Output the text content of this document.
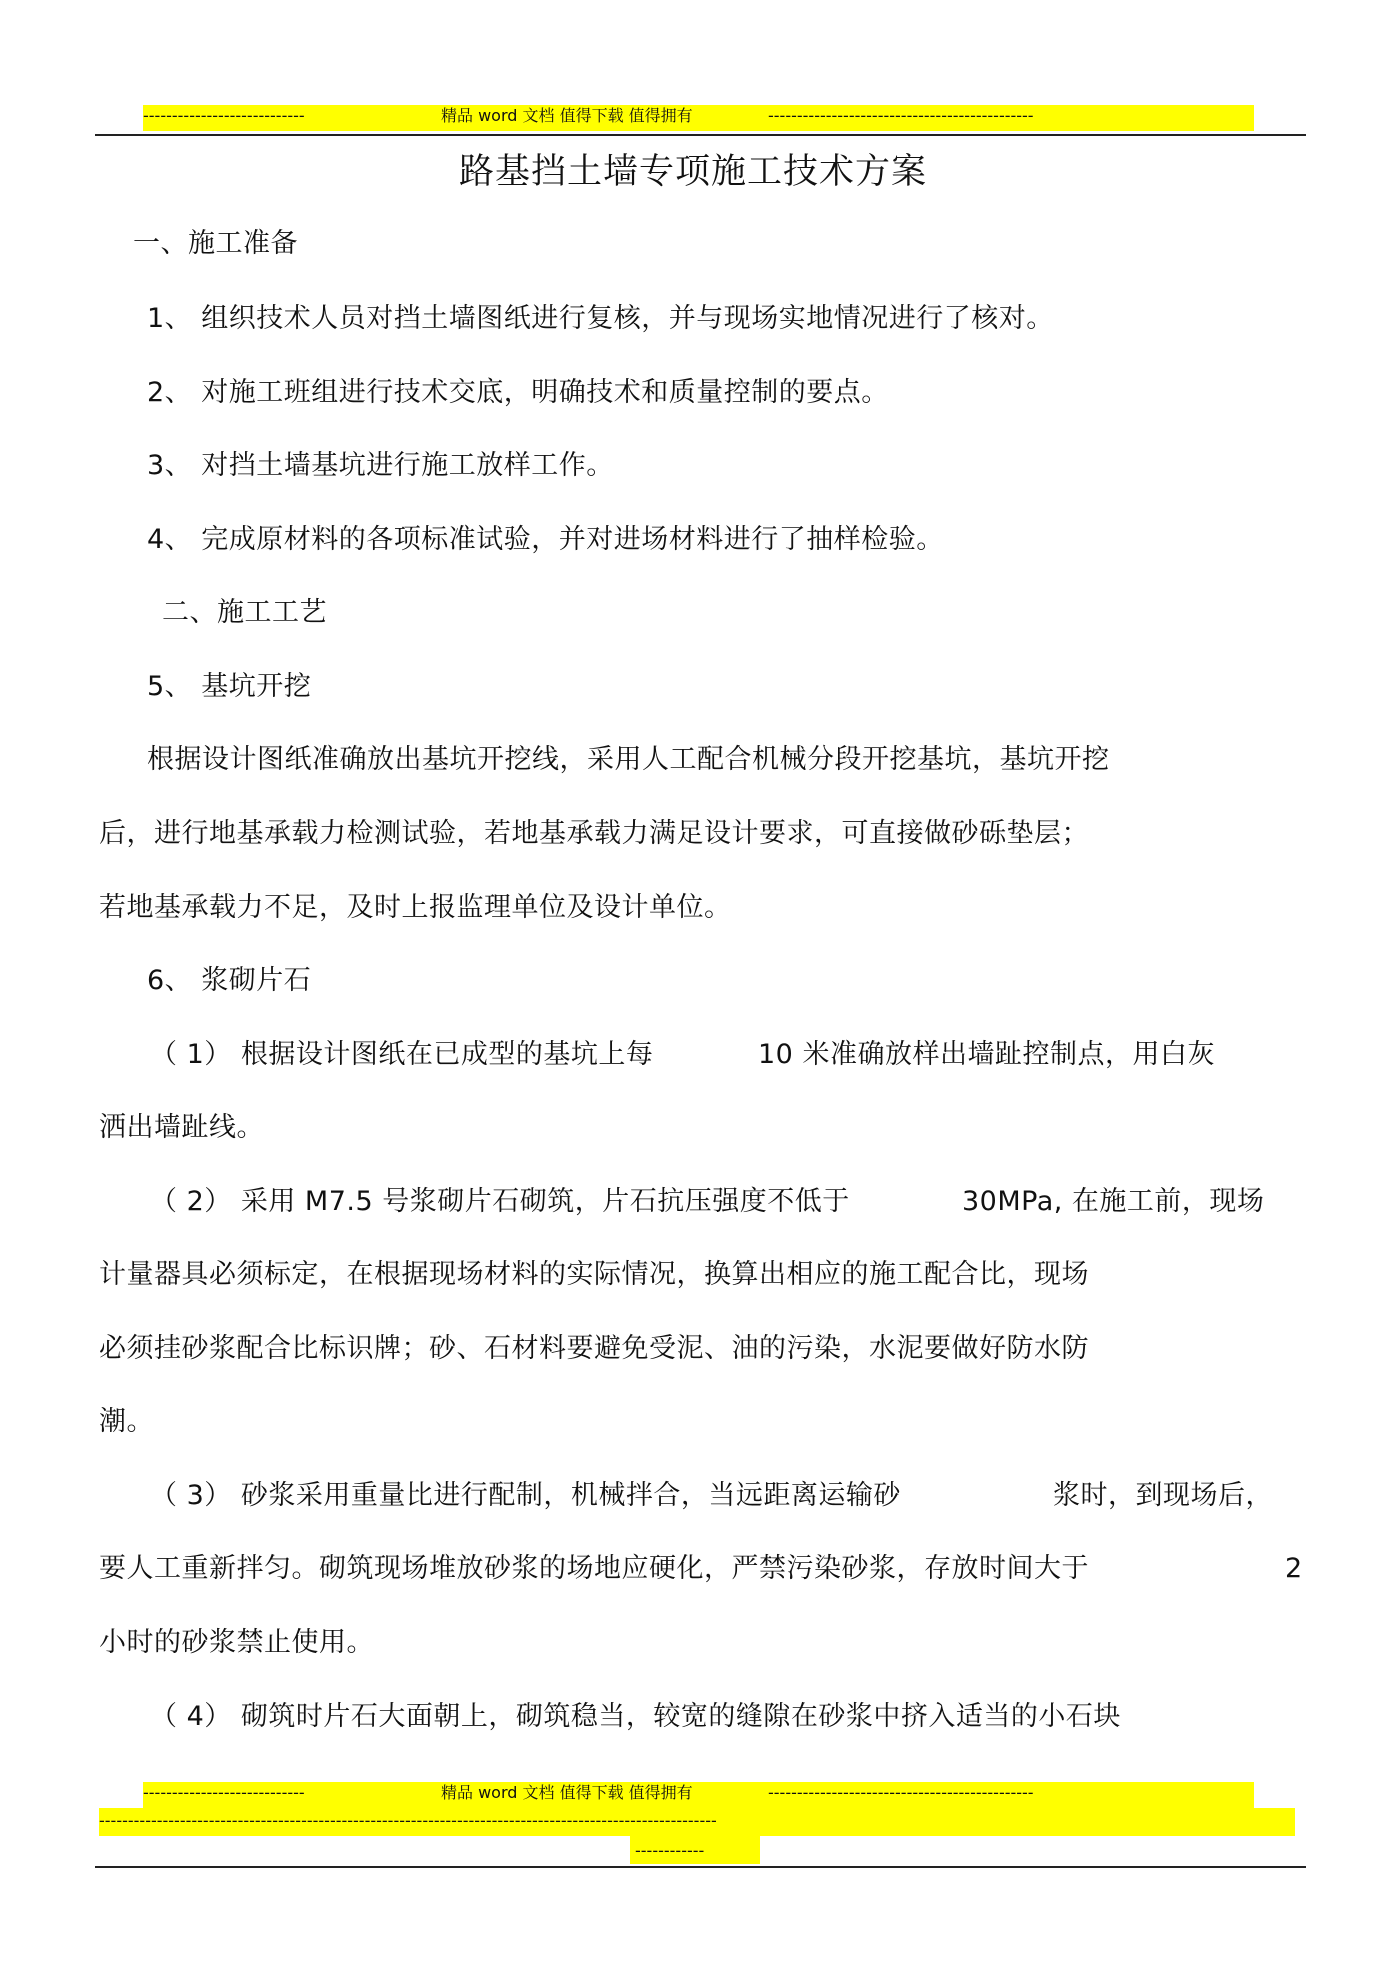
----------------------------	精品 word 文档 值得下载 值得拥有	----------------------------------------------
路基挡土墙专项施工技术方案
一、施工准备
1、 组织技术人员对挡土墙图纸进行复核，并与现场实地情况进行了核对。
2、 对施工班组进行技术交底，明确技术和质量控制的要点。
3、 对挡土墙基坑进行施工放样工作。
4、 完成原材料的各项标准试验，并对进场材料进行了抽样检验。
二、施工工艺
5、 基坑开挖
根据设计图纸准确放出基坑开挖线，采用人工配合机械分段开挖基坑，基坑开挖
后，进行地基承载力检测试验，若地基承载力满足设计要求，可直接做砂砾垫层；
若地基承载力不足，及时上报监理单位及设计单位。
6、 浆砌片石
（ 1） 根据设计图纸在已成型的基坑上每	10 米准确放样出墙趾控制点，用白灰
洒出墙趾线。
（ 2） 采用 M7.5 号浆砌片石砌筑，片石抗压强度不低于	30MPa, 在施工前，现场
计量器具必须标定，在根据现场材料的实际情况，换算出相应的施工配合比，现场
必须挂砂浆配合比标识牌；砂、石材料要避免受泥、油的污染，水泥要做好防水防
潮。
（ 3） 砂浆采用重量比进行配制，机械拌合，当远距离运输砂	浆时，到现场后，
要人工重新拌匀。砌筑现场堆放砂浆的场地应硬化，严禁污染砂浆，存放时间大于	2
小时的砂浆禁止使用。
（ 4） 砌筑时片石大面朝上，砌筑稳当，较宽的缝隙在砂浆中挤入适当的小石块
----------------------------	精品 word 文档 值得下载 值得拥有	----------------------------------------------
-----------------------------------------------------------------------------------------------------------
------------
